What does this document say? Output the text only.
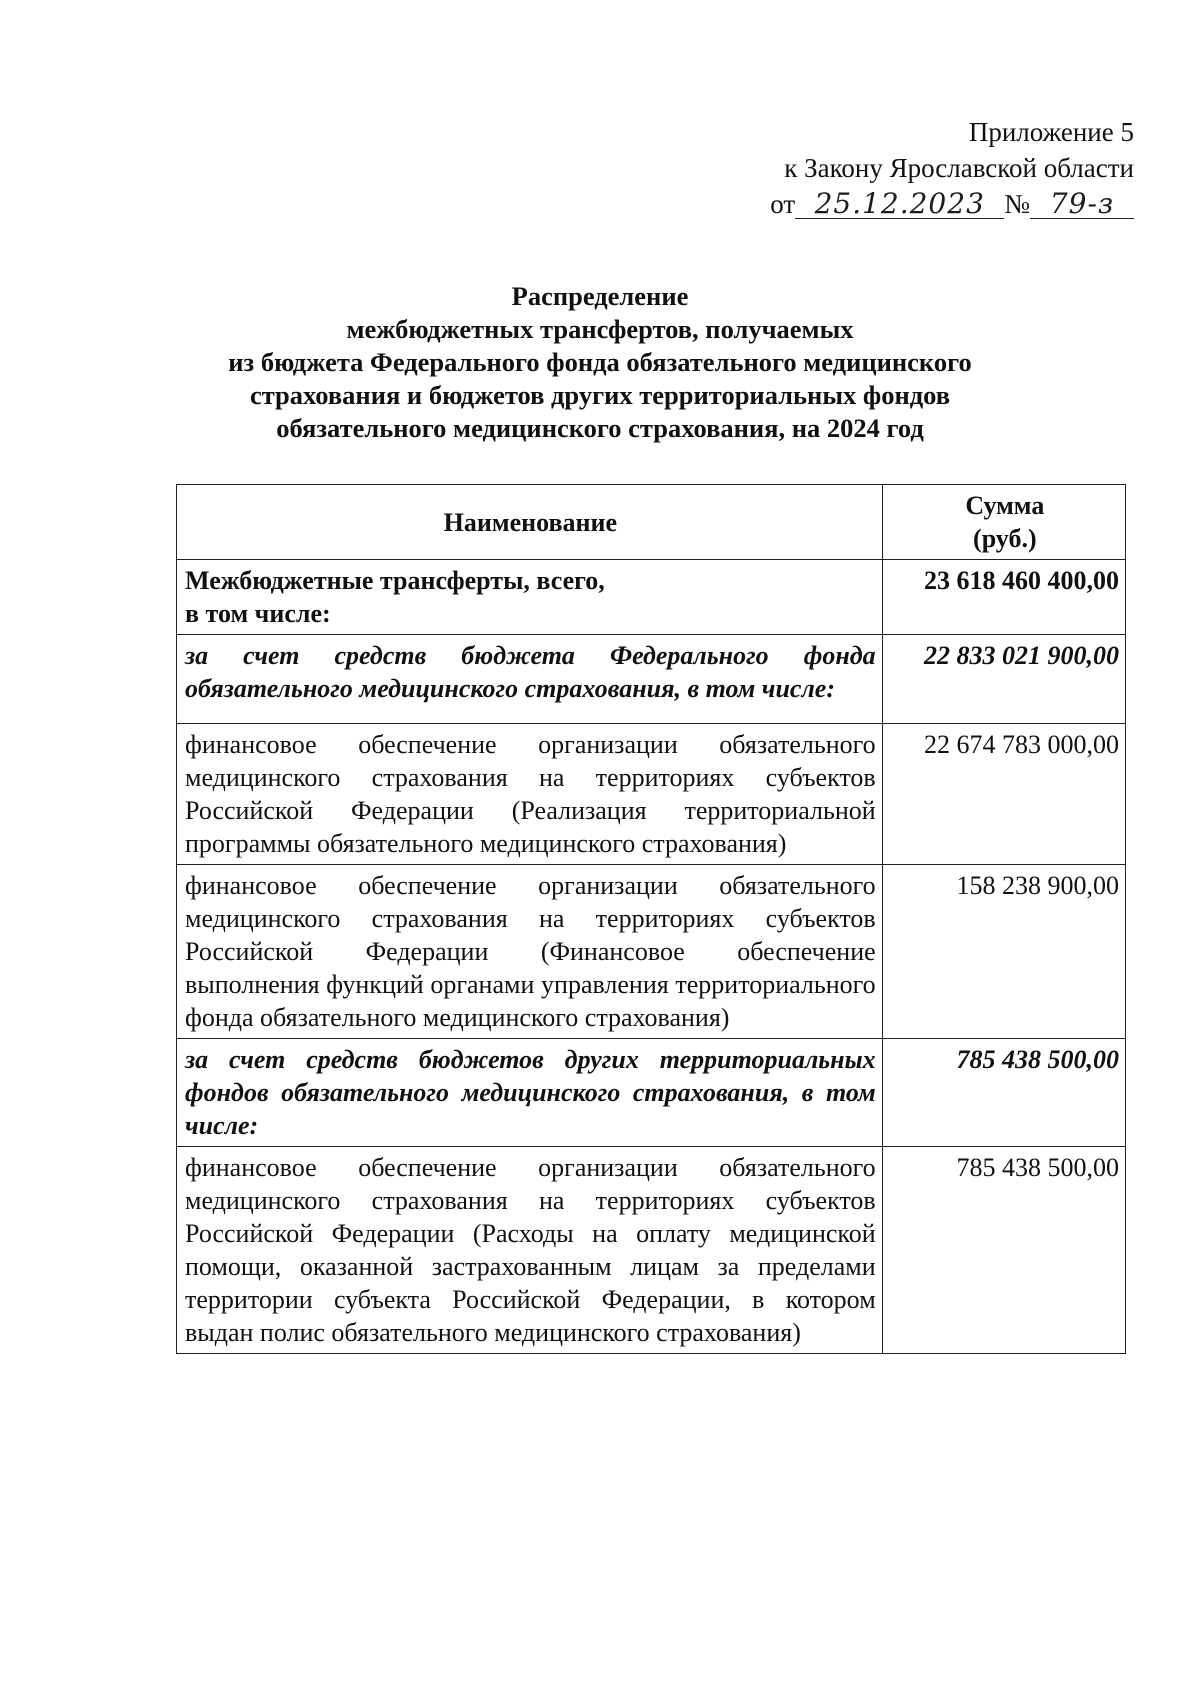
Приложение 5
к Закону Ярославской области
от 25.12.2023 № 79-з
Распределение
межбюджетных трансфертов, получаемых
из бюджета Федерального фонда обязательного медицинского
страхования и бюджетов других территориальных фондов
обязательного медицинского страхования, на 2024 год
Наименование	Сумма
(руб.)

Межбюджетные трансферты, всего,
в том числе:	23 618 460 400,00
за счет средств бюджета Федерального фонда обязательного медицинского страхования, в том числе:	22 833 021 900,00
финансовое обеспечение организации обязательного медицинского страхования на территориях субъектов Российской Федерации (Реализация территориальной программы обязательного медицинского страхования)	22 674 783 000,00
финансовое обеспечение организации обязательного медицинского страхования на территориях субъектов Российской Федерации (Финансовое обеспечение выполнения функций органами управления территориального фонда обязательного медицинского страхования)	158 238 900,00
за счет средств бюджетов других территориальных фондов обязательного медицинского страхования, в том числе:	785 438 500,00
финансовое обеспечение организации обязательного медицинского страхования на территориях субъектов Российской Федерации (Расходы на оплату медицинской помощи, оказанной застрахованным лицам за пределами территории субъекта Российской Федерации, в котором выдан полис обязательного медицинского страхования)	785 438 500,00
